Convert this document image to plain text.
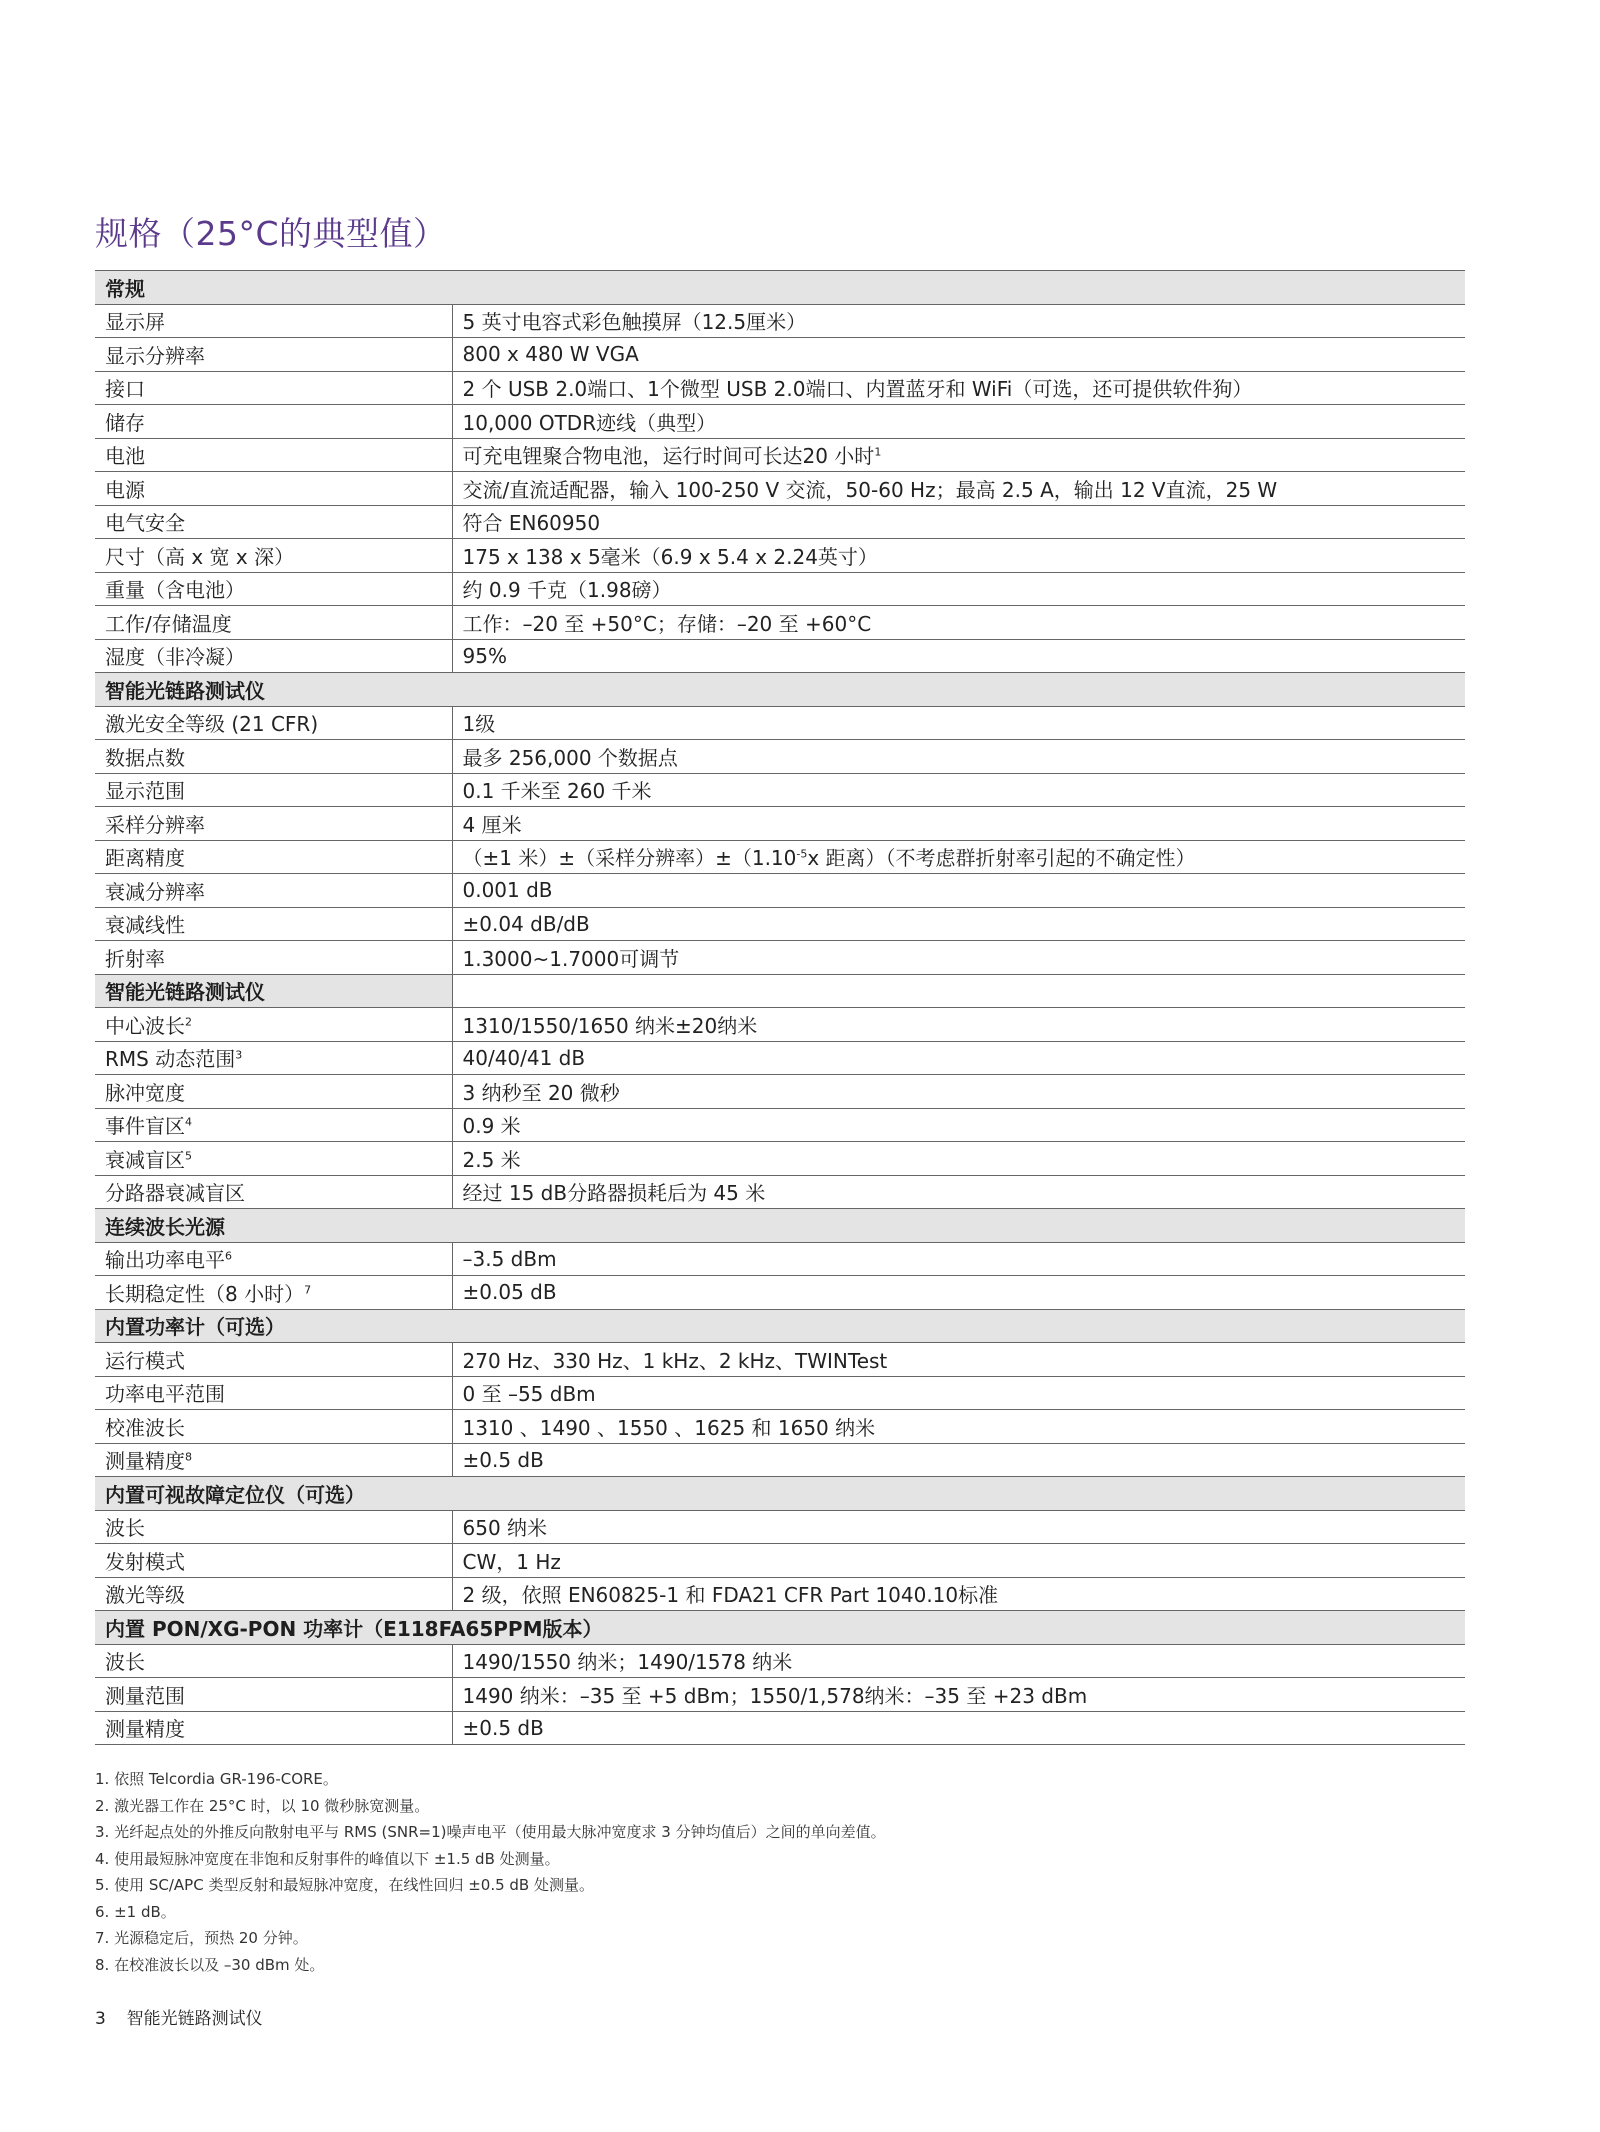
规格（25°C的典型值）
常规	
显示屏	5 英寸电容式彩色触摸屏（12.5厘米）
显示分辨率	800 x 480 W VGA
接口	2 个 USB 2.0端口、1个微型 USB 2.0端口、内置蓝牙和 WiFi（可选，还可提供软件狗）
储存	10,000 OTDR迹线（典型）
电池	可充电锂聚合物电池，运行时间可长达20 小时$^1$
电源	交流/直流适配器，输入 100-250 V 交流，50-60 Hz；最高 2.5 A，输出 12 V直流，25 W
电气安全	符合 EN60950
尺寸（高 x 宽 x 深）	175 x 138 x 5毫米（6.9 x 5.4 x 2.24英寸）
重量（含电池）	约 0.9 千克（1.98磅）
工作/存储温度	工作：–20 至 +50°C；存储：–20 至 +60°C
湿度（非冷凝）	95%
智能光链路测试仪	
激光安全等级 (21 CFR)	1级
数据点数	最多 256,000 个数据点
显示范围	0.1 千米至 260 千米
采样分辨率	4 厘米
距离精度	（±1 米）±（采样分辨率）$\pm(1.10^{-5}x$ 距离）（不考虑群折射率引起的不确定性）
衰减分辨率	0.001 dB
衰减线性	±0.04 dB/dB
折射率	1.3000~1.7000可调节
智能光链路测试仪	
中心波长$^2$	1310/1550/1650 纳米±20纳米
RMS 动态范围$^3$	40/40/41 dB
脉冲宽度	3 纳秒至 20 微秒
事件盲区$^4$	0.9 米
衰减盲区$^5$	2.5 米
分路器衰减盲区	经过 15 dB分路器损耗后为 45 米
连续波长光源	
输出功率电平$^6$	–3.5 dBm
长期稳定性（8 小时）$^7$	±0.05 dB
内置功率计（可选）	
运行模式	270 Hz、330 Hz、1 kHz、2 kHz、TWINTest
功率电平范围	0 至 –55 dBm
校准波长	1310 、1490 、1550 、1625 和 1650 纳米
测量精度$^8$	±0.5 dB
内置可视故障定位仪（可选）	
波长	650 纳米
发射模式	CW，1 Hz
激光等级	2 级，依照 EN60825-1 和 FDA21 CFR Part 1040.10标准
内置 PON/XG-PON 功率计（E118FA65PPM版本）	
波长	1490/1550 纳米；1490/1578 纳米
测量范围	1490 纳米：–35 至 +5 dBm；1550/1,578纳米：–35 至 +23 dBm
测量精度	±0.5 dB
1. 依照 Telcordia GR-196-CORE。
2. 激光器工作在 25°C 时，以 10 微秒脉宽测量。
3. 光纤起点处的外推反向散射电平与 RMS (SNR=1)噪声电平（使用最大脉冲宽度求 3 分钟均值后）之间的单向差值。
4. 使用最短脉冲宽度在非饱和反射事件的峰值以下 ±1.5 dB 处测量。
5. 使用 SC/APC 类型反射和最短脉冲宽度，在线性回归 ±0.5 dB 处测量。
6. ±1 dB。
7. 光源稳定后，预热 20 分钟。
8. 在校准波长以及 –30 dBm 处。
3 智能光链路测试仪
